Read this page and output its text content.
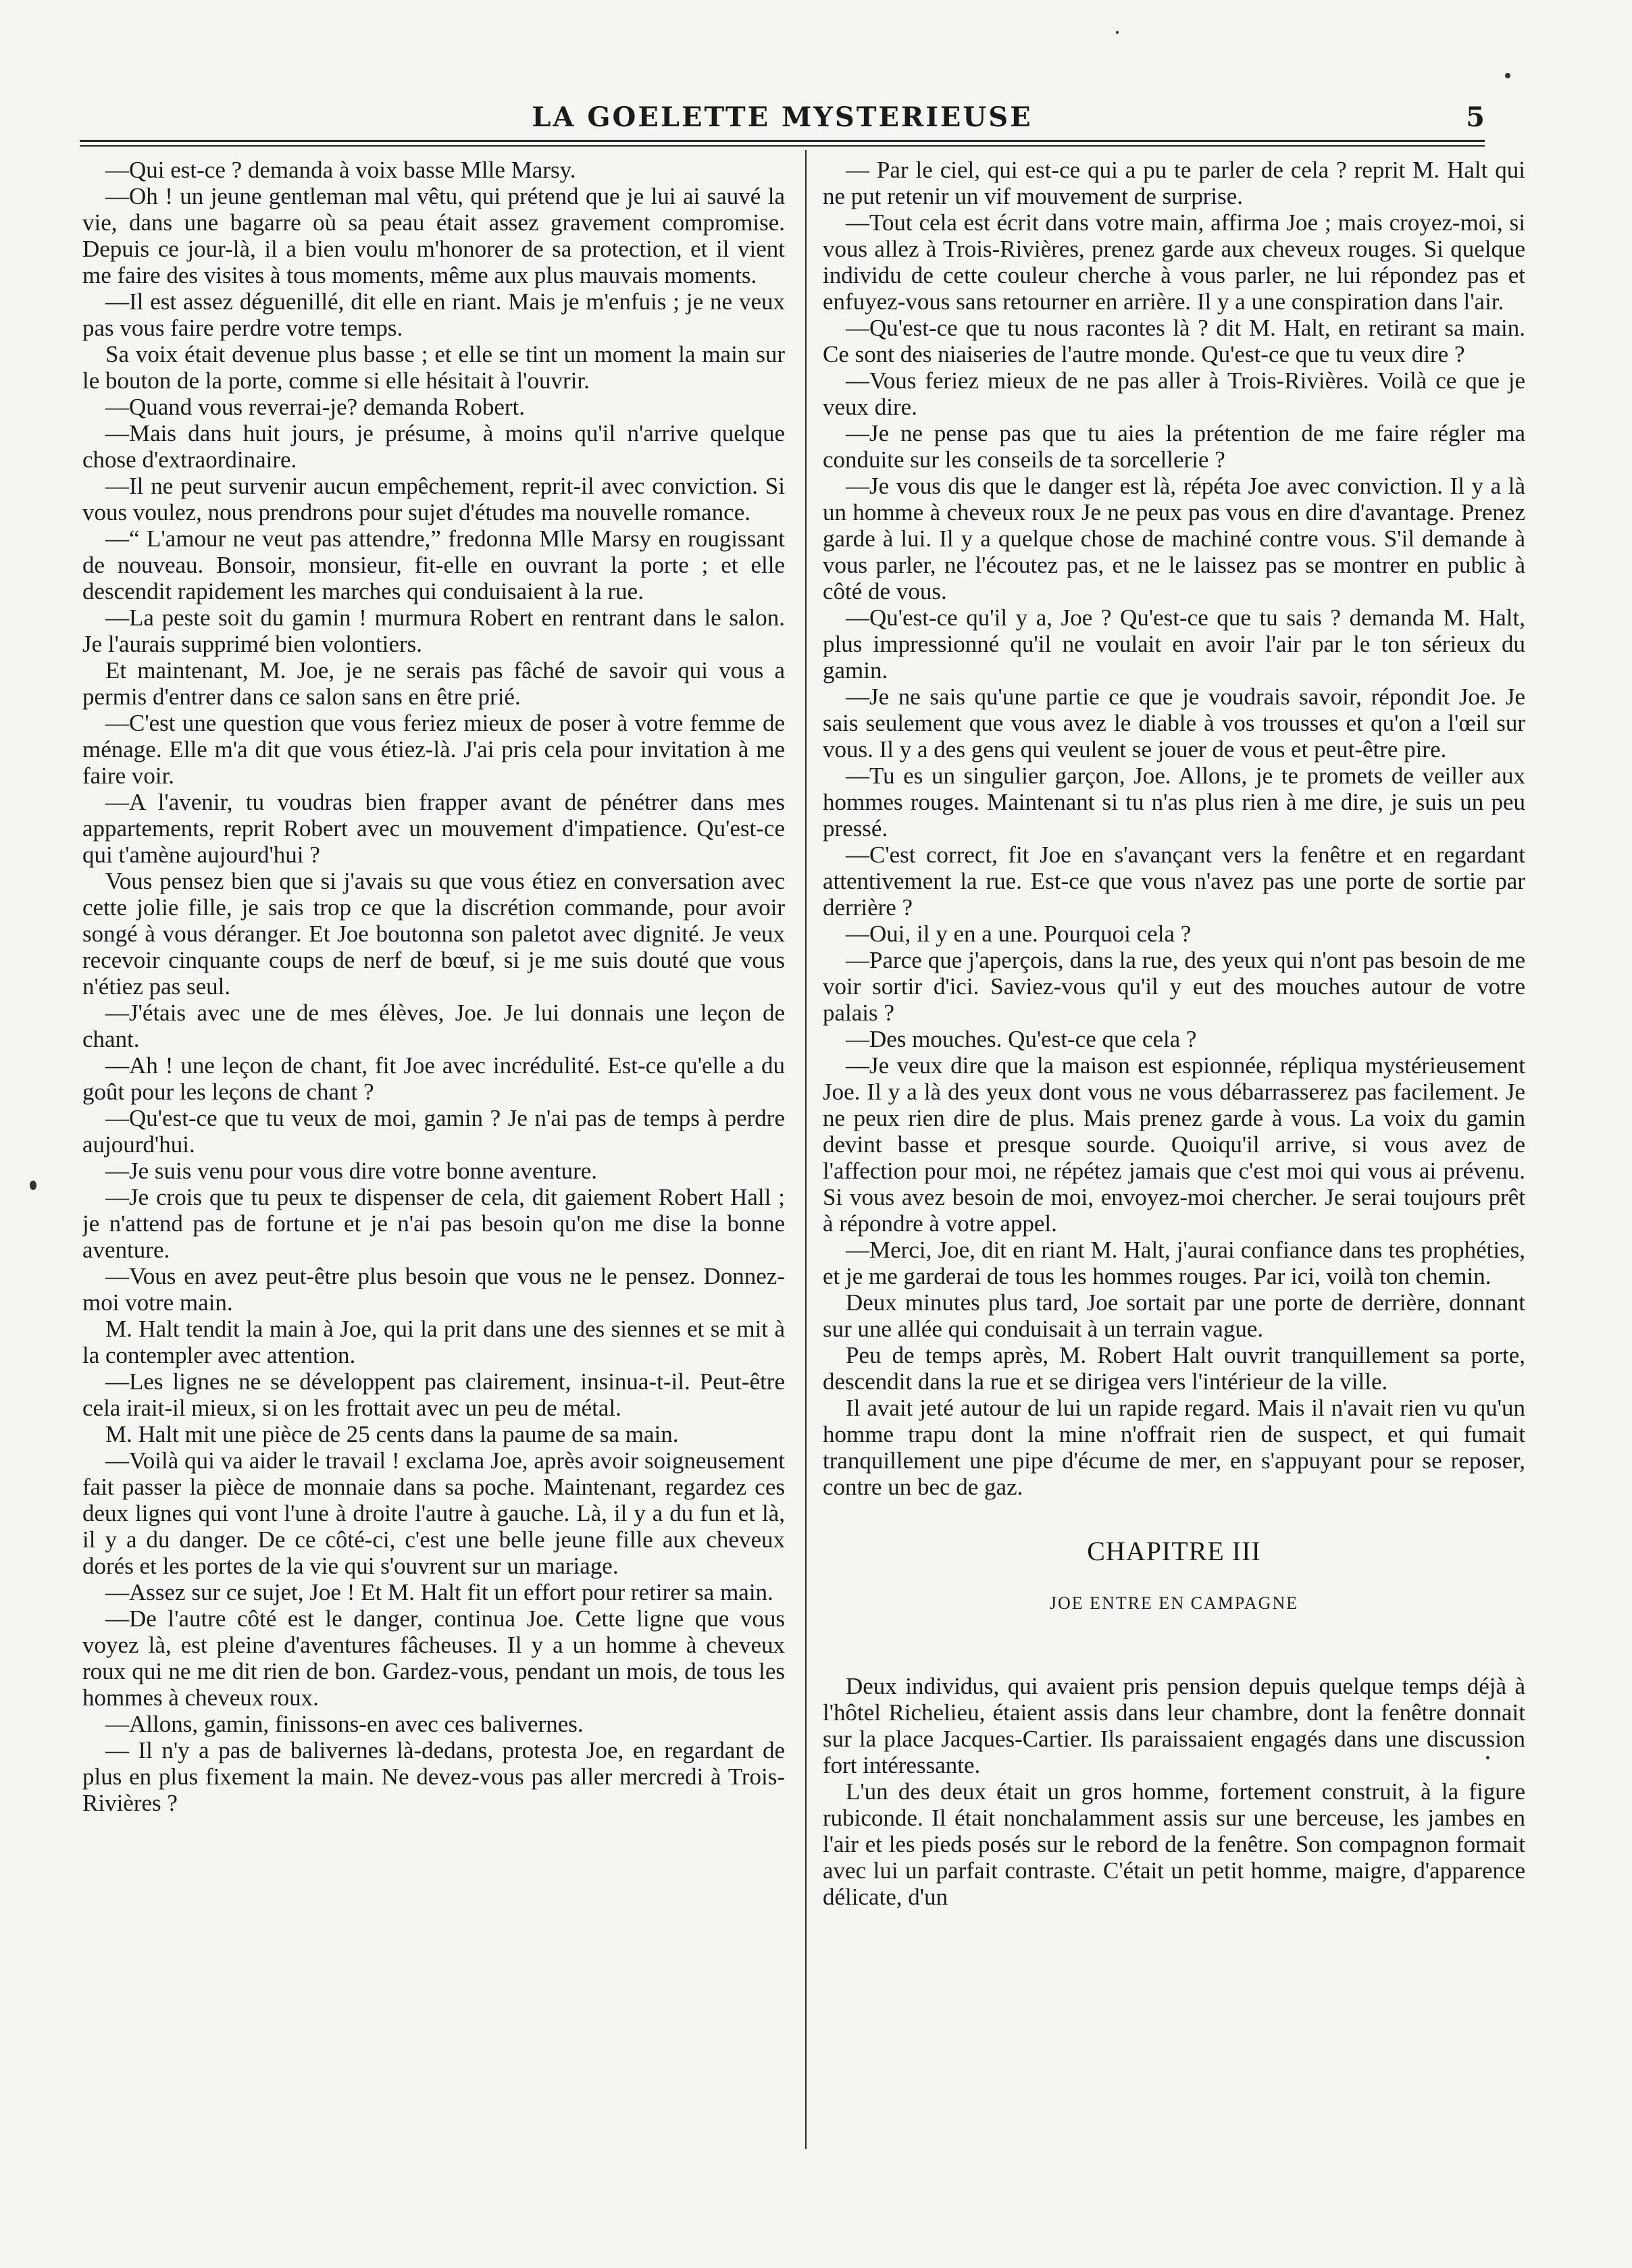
LA GOELETTE MYSTERIEUSE	5

—Qui est-ce ? demanda à voix basse Mlle Marsy.

—Oh ! un jeune gentleman mal vêtu, qui prétend que je lui ai sauvé la vie, dans une bagarre où sa peau était assez gravement compromise. Depuis ce jour-là, il a bien voulu m'honorer de sa protection, et il vient me faire des visites à tous moments, même aux plus mauvais moments.

—Il est assez déguenillé, dit elle en riant. Mais je m'enfuis ; je ne veux pas vous faire perdre votre temps.

Sa voix était devenue plus basse ; et elle se tint un moment la main sur le bouton de la porte, comme si elle hésitait à l'ouvrir.

—Quand vous reverrai-je? demanda Robert.

—Mais dans huit jours, je présume, à moins qu'il n'arrive quelque chose d'extraordinaire.

—Il ne peut survenir aucun empêchement, reprit-il avec conviction. Si vous voulez, nous prendrons pour sujet d'études ma nouvelle romance.

—“ L'amour ne veut pas attendre,” fredonna Mlle Marsy en rougissant de nouveau. Bonsoir, monsieur, fit-elle en ouvrant la porte ; et elle descendit rapidement les marches qui conduisaient à la rue.

—La peste soit du gamin ! murmura Robert en rentrant dans le salon. Je l'aurais supprimé bien volontiers.

Et maintenant, M. Joe, je ne serais pas fâché de savoir qui vous a permis d'entrer dans ce salon sans en être prié.

—C'est une question que vous feriez mieux de poser à votre femme de ménage. Elle m'a dit que vous étiez-là. J'ai pris cela pour invitation à me faire voir.

—A l'avenir, tu voudras bien frapper avant de pénétrer dans mes appartements, reprit Robert avec un mouvement d'impatience. Qu'est-ce qui t'amène aujourd'hui ?

Vous pensez bien que si j'avais su que vous étiez en conversation avec cette jolie fille, je sais trop ce que la discrétion commande, pour avoir songé à vous déranger. Et Joe boutonna son paletot avec dignité. Je veux recevoir cinquante coups de nerf de bœuf, si je me suis douté que vous n'étiez pas seul.

—J'étais avec une de mes élèves, Joe. Je lui donnais une leçon de chant.

—Ah ! une leçon de chant, fit Joe avec incrédulité. Est-ce qu'elle a du goût pour les leçons de chant ?

—Qu'est-ce que tu veux de moi, gamin ? Je n'ai pas de temps à perdre aujourd'hui.

—Je suis venu pour vous dire votre bonne aventure.

—Je crois que tu peux te dispenser de cela, dit gaiement Robert Hall ; je n'attend pas de fortune et je n'ai pas besoin qu'on me dise la bonne aventure.

—Vous en avez peut-être plus besoin que vous ne le pensez. Donnez-moi votre main.

M. Halt tendit la main à Joe, qui la prit dans une des siennes et se mit à la contempler avec attention.

—Les lignes ne se développent pas clairement, insinua-t-il. Peut-être cela irait-il mieux, si on les frottait avec un peu de métal.

M. Halt mit une pièce de 25 cents dans la paume de sa main.

—Voilà qui va aider le travail ! exclama Joe, après avoir soigneusement fait passer la pièce de monnaie dans sa poche. Maintenant, regardez ces deux lignes qui vont l'une à droite l'autre à gauche. Là, il y a du fun et là, il y a du danger. De ce côté-ci, c'est une belle jeune fille aux cheveux dorés et les portes de la vie qui s'ouvrent sur un mariage.

—Assez sur ce sujet, Joe ! Et M. Halt fit un effort pour retirer sa main.

—De l'autre côté est le danger, continua Joe. Cette ligne que vous voyez là, est pleine d'aventures fâcheuses. Il y a un homme à cheveux roux qui ne me dit rien de bon. Gardez-vous, pendant un mois, de tous les hommes à cheveux roux.

—Allons, gamin, finissons-en avec ces balivernes.

— Il n'y a pas de balivernes là-dedans, protesta Joe, en regardant de plus en plus fixement la main. Ne devez-vous pas aller mercredi à Trois-Rivières ?

— Par le ciel, qui est-ce qui a pu te parler de cela ? reprit M. Halt qui ne put retenir un vif mouvement de surprise.

—Tout cela est écrit dans votre main, affirma Joe ; mais croyez-moi, si vous allez à Trois-Rivières, prenez garde aux cheveux rouges. Si quelque individu de cette couleur cherche à vous parler, ne lui répondez pas et enfuyez-vous sans retourner en arrière. Il y a une conspiration dans l'air.

—Qu'est-ce que tu nous racontes là ? dit M. Halt, en retirant sa main. Ce sont des niaiseries de l'autre monde. Qu'est-ce que tu veux dire ?

—Vous feriez mieux de ne pas aller à Trois-Rivières. Voilà ce que je veux dire.

—Je ne pense pas que tu aies la prétention de me faire régler ma conduite sur les conseils de ta sorcellerie ?

—Je vous dis que le danger est là, répéta Joe avec conviction. Il y a là un homme à cheveux roux Je ne peux pas vous en dire d'avantage. Prenez garde à lui. Il y a quelque chose de machiné contre vous. S'il demande à vous parler, ne l'écoutez pas, et ne le laissez pas se montrer en public à côté de vous.

—Qu'est-ce qu'il y a, Joe ? Qu'est-ce que tu sais ? demanda M. Halt, plus impressionné qu'il ne voulait en avoir l'air par le ton sérieux du gamin.

—Je ne sais qu'une partie ce que je voudrais savoir, répondit Joe. Je sais seulement que vous avez le diable à vos trousses et qu'on a l'œil sur vous. Il y a des gens qui veulent se jouer de vous et peut-être pire.

—Tu es un singulier garçon, Joe. Allons, je te promets de veiller aux hommes rouges. Maintenant si tu n'as plus rien à me dire, je suis un peu pressé.

—C'est correct, fit Joe en s'avançant vers la fenêtre et en regardant attentivement la rue. Est-ce que vous n'avez pas une porte de sortie par derrière ?

—Oui, il y en a une. Pourquoi cela ?

—Parce que j'aperçois, dans la rue, des yeux qui n'ont pas besoin de me voir sortir d'ici. Saviez-vous qu'il y eut des mouches autour de votre palais ?

—Des mouches. Qu'est-ce que cela ?

—Je veux dire que la maison est espionnée, répliqua mystérieusement Joe. Il y a là des yeux dont vous ne vous débarrasserez pas facilement. Je ne peux rien dire de plus. Mais prenez garde à vous. La voix du gamin devint basse et presque sourde. Quoiqu'il arrive, si vous avez de l'affection pour moi, ne répétez jamais que c'est moi qui vous ai prévenu. Si vous avez besoin de moi, envoyez-moi chercher. Je serai toujours prêt à répondre à votre appel.

—Merci, Joe, dit en riant M. Halt, j'aurai confiance dans tes prophéties, et je me garderai de tous les hommes rouges. Par ici, voilà ton chemin.

Deux minutes plus tard, Joe sortait par une porte de derrière, donnant sur une allée qui conduisait à un terrain vague.

Peu de temps après, M. Robert Halt ouvrit tranquillement sa porte, descendit dans la rue et se dirigea vers l'intérieur de la ville.

Il avait jeté autour de lui un rapide regard. Mais il n'avait rien vu qu'un homme trapu dont la mine n'offrait rien de suspect, et qui fumait tranquillement une pipe d'écume de mer, en s'appuyant pour se reposer, contre un bec de gaz.

CHAPITRE III
JOE ENTRE EN CAMPAGNE

Deux individus, qui avaient pris pension depuis quelque temps déjà à l'hôtel Richelieu, étaient assis dans leur chambre, dont la fenêtre donnait sur la place Jacques-Cartier. Ils paraissaient engagés dans une discussion fort intéressante.

L'un des deux était un gros homme, fortement construit, à la figure rubiconde. Il était nonchalamment assis sur une berceuse, les jambes en l'air et les pieds posés sur le rebord de la fenêtre. Son compagnon formait avec lui un parfait contraste. C'était un petit homme, maigre, d'apparence délicate, d'un
